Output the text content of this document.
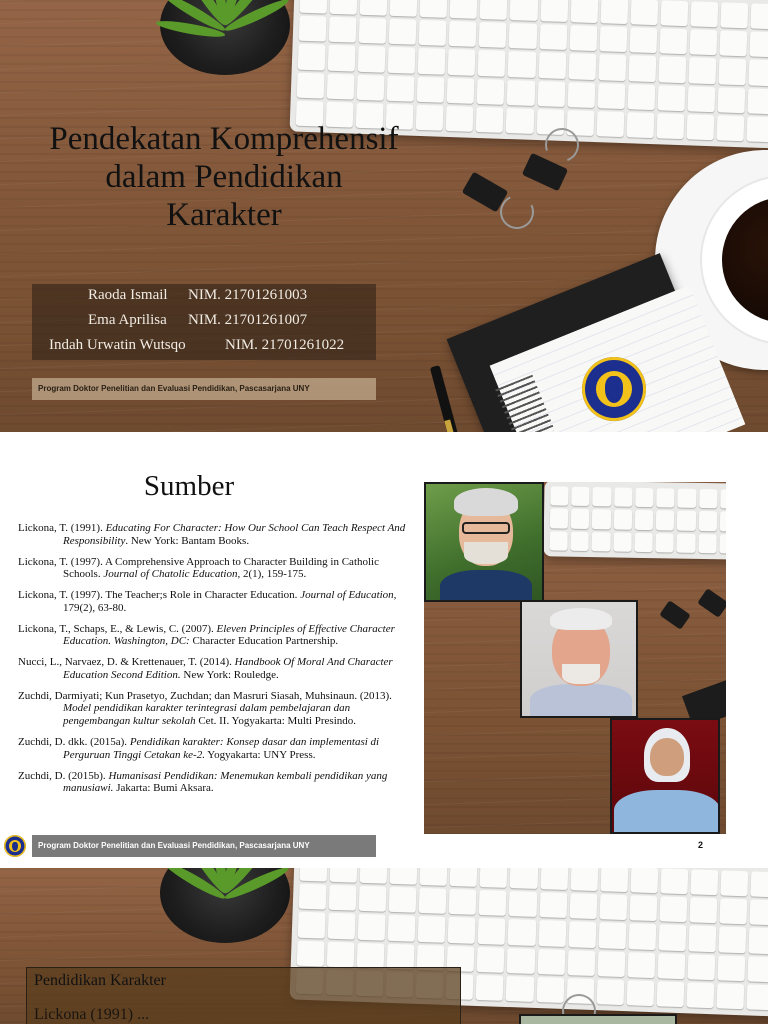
Pendekatan Komprehensif
dalam Pendidikan
Karakter
Raoda Ismail NIM. 21701261003
Ema Aprilisa NIM. 21701261007
Indah Urwatin Wutsqo	NIM. 21701261022
Program Doktor Penelitian dan Evaluasi Pendidikan, Pascasarjana UNY
Sumber

Lickona, T. (1991). Educating For Character: How Our School Can Teach Respect And Responsibility. New York: Bantam Books.

Lickona, T. (1997). A Comprehensive Approach to Character Building in Catholic Schools. Journal of Chatolic Education, 2(1), 159-175.

Lickona, T. (1997). The Teacher;s Role in Character Education. Journal of Education, 179(2), 63-80.

Lickona, T., Schaps, E., & Lewis, C. (2007). Eleven Principles of Effective Character Education. Washington, DC: Character Education Partnership.

Nucci, L., Narvaez, D. & Krettenauer, T. (2014). Handbook Of Moral And Character Education Second Edition. New York: Rouledge.

Zuchdi, Darmiyati; Kun Prasetyo, Zuchdan; dan Masruri Siasah, Muhsinaun. (2013). Model pendidikan karakter terintegrasi dalam pembelajaran dan pengembangan kultur sekolah Cet. II. Yogyakarta: Multi Presindo.

Zuchdi, D. dkk. (2015a). Pendidikan karakter: Konsep dasar dan implementasi di Perguruan Tinggi Cetakan ke-2. Yogyakarta: UNY Press.

Zuchdi, D. (2015b). Humanisasi Pendidikan: Menemukan kembali pendidikan yang manusiawi. Jakarta: Bumi Aksara.

Program Doktor Penelitian dan Evaluasi Pendidikan, Pascasarjana UNY	2
Pendidikan Karakter
Lickona (1991) ...
